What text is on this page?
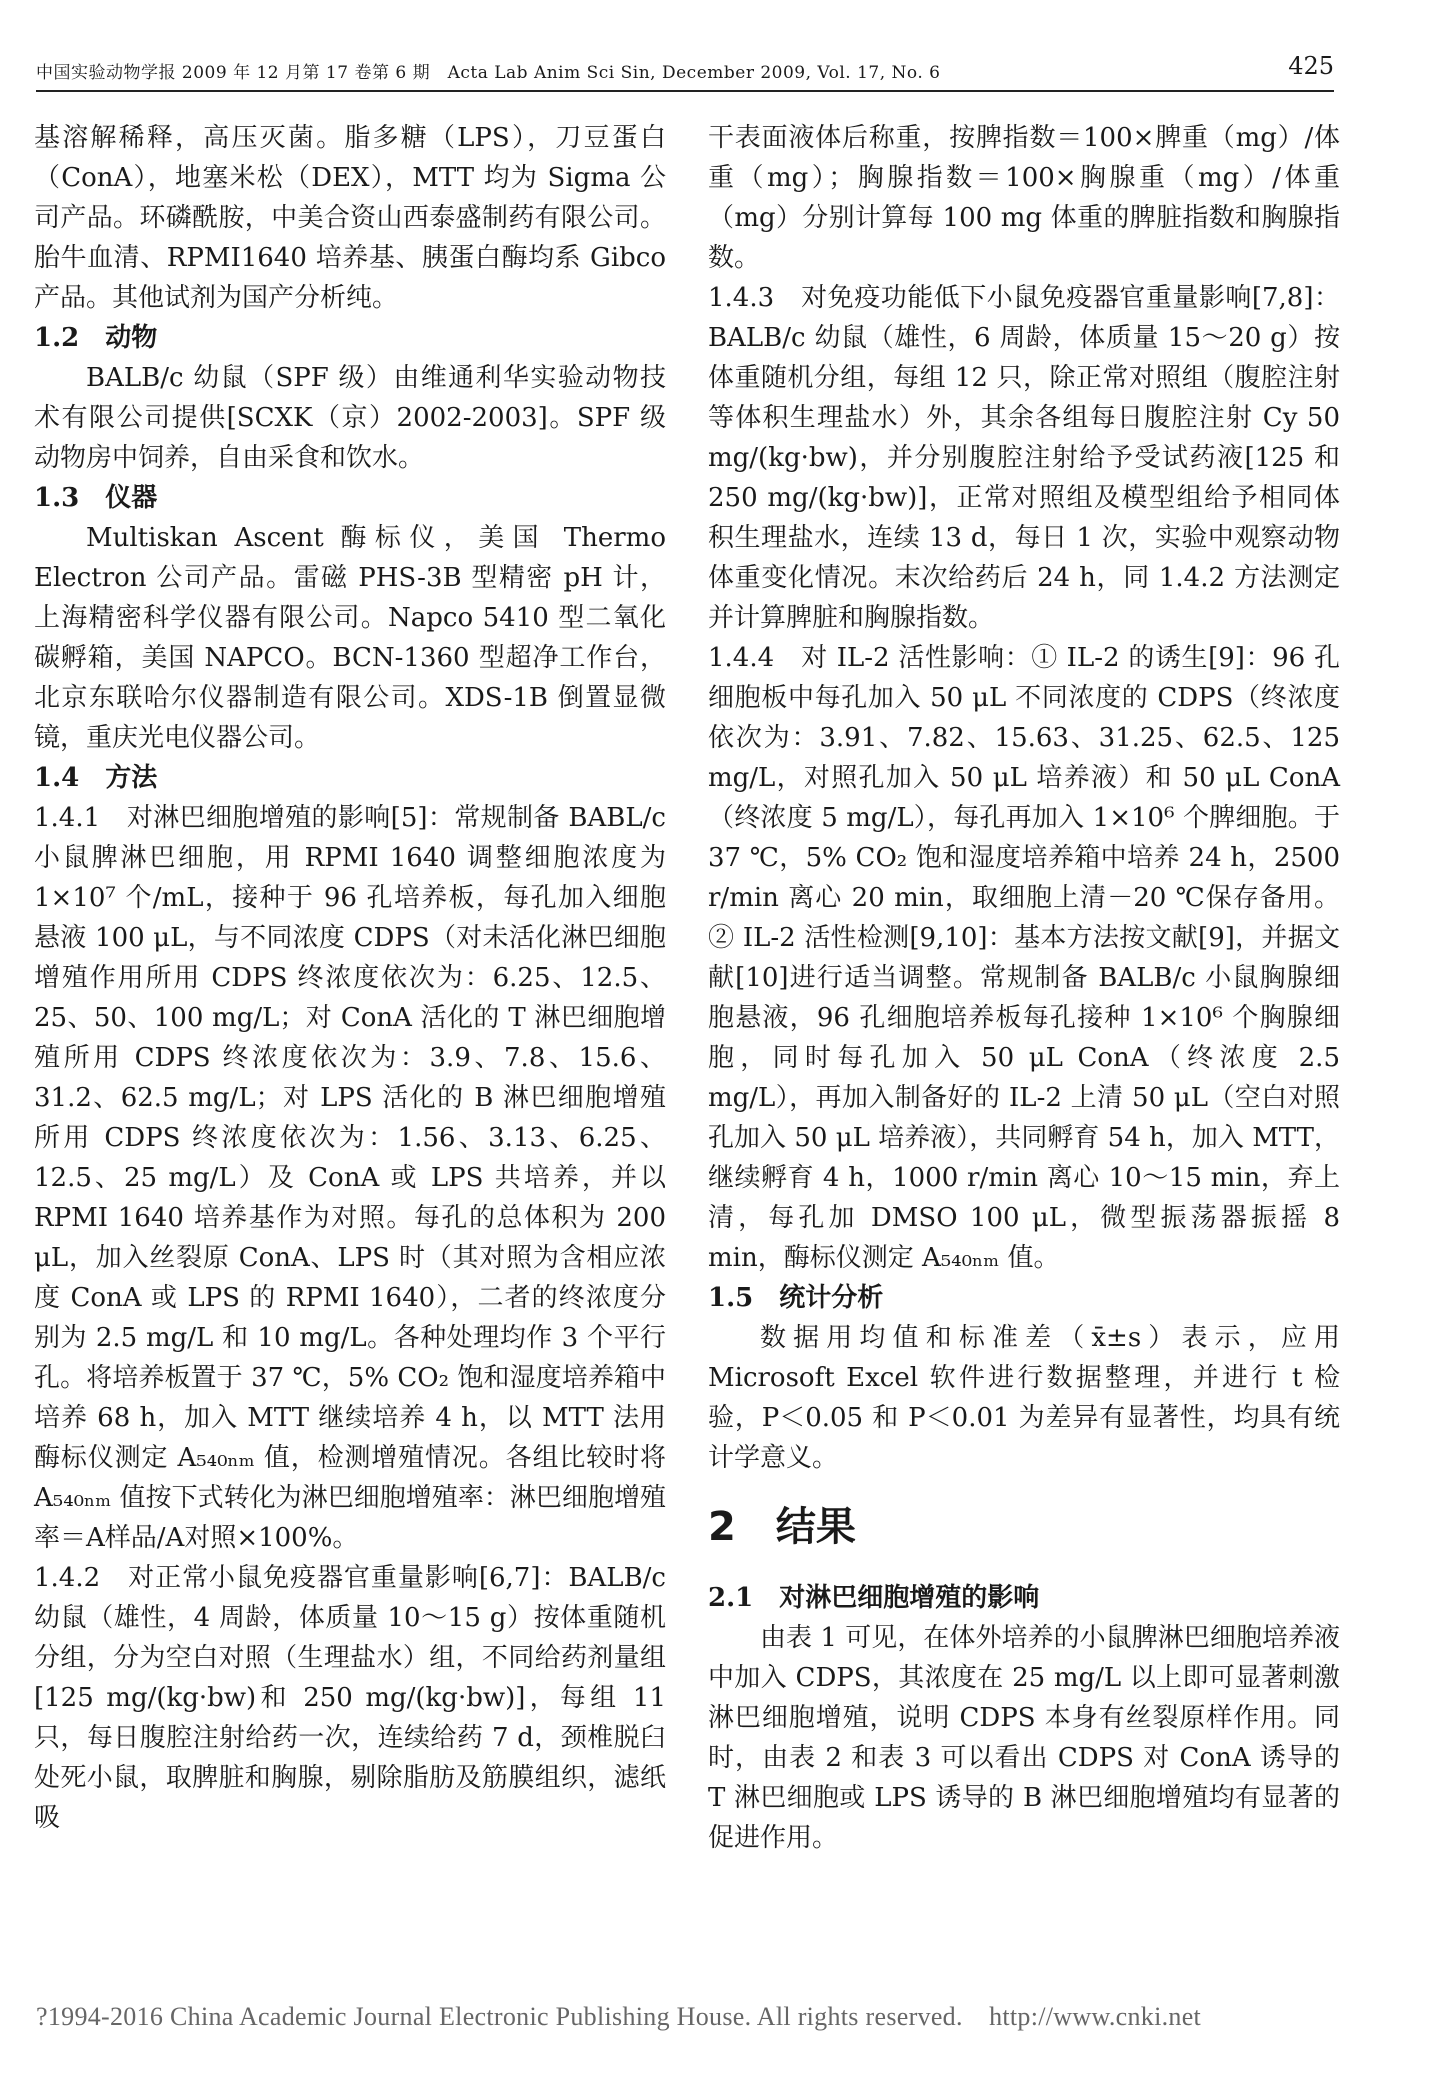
中国实验动物学报 2009 年 12 月第 17 卷第 6 期　Acta Lab Anim Sci Sin, December 2009, Vol. 17, No. 6	425

基溶解稀释，高压灭菌。脂多糖（LPS），刀豆蛋白（ConA），地塞米松（DEX），MTT 均为 Sigma 公司产品。环磷酰胺，中美合资山西泰盛制药有限公司。胎牛血清、RPMI1640 培养基、胰蛋白酶均系 Gibco 产品。其他试剂为国产分析纯。

1.2　动物

BALB/c 幼鼠（SPF 级）由维通利华实验动物技术有限公司提供[SCXK（京）2002-2003]。SPF 级动物房中饲养，自由采食和饮水。

1.3　仪器

Multiskan Ascent 酶标仪，美国 Thermo Electron 公司产品。雷磁 PHS-3B 型精密 pH 计，上海精密科学仪器有限公司。Napco 5410 型二氧化碳孵箱，美国 NAPCO。BCN-1360 型超净工作台，北京东联哈尔仪器制造有限公司。XDS-1B 倒置显微镜，重庆光电仪器公司。

1.4　方法

1.4.1　对淋巴细胞增殖的影响[5]：常规制备 BABL/c 小鼠脾淋巴细胞，用 RPMI 1640 调整细胞浓度为 1×10⁷ 个/mL，接种于 96 孔培养板，每孔加入细胞悬液 100 μL，与不同浓度 CDPS（对未活化淋巴细胞增殖作用所用 CDPS 终浓度依次为：6.25、12.5、25、50、100 mg/L；对 ConA 活化的 T 淋巴细胞增殖所用 CDPS 终浓度依次为：3.9、7.8、15.6、31.2、62.5 mg/L；对 LPS 活化的 B 淋巴细胞增殖所用 CDPS 终浓度依次为：1.56、3.13、6.25、12.5、25 mg/L）及 ConA 或 LPS 共培养，并以 RPMI 1640 培养基作为对照。每孔的总体积为 200 μL，加入丝裂原 ConA、LPS 时（其对照为含相应浓度 ConA 或 LPS 的 RPMI 1640），二者的终浓度分别为 2.5 mg/L 和 10 mg/L。各种处理均作 3 个平行孔。将培养板置于 37 ℃，5% CO₂ 饱和湿度培养箱中培养 68 h，加入 MTT 继续培养 4 h，以 MTT 法用酶标仪测定 A₅₄₀ₙₘ 值，检测增殖情况。各组比较时将 A₅₄₀ₙₘ 值按下式转化为淋巴细胞增殖率：淋巴细胞增殖率＝A样品/A对照×100%。

1.4.2　对正常小鼠免疫器官重量影响[6,7]：BALB/c 幼鼠（雄性，4 周龄，体质量 10～15 g）按体重随机分组，分为空白对照（生理盐水）组，不同给药剂量组[125 mg/(kg·bw)和 250 mg/(kg·bw)]，每组 11 只，每日腹腔注射给药一次，连续给药 7 d，颈椎脱臼处死小鼠，取脾脏和胸腺，剔除脂肪及筋膜组织，滤纸吸

干表面液体后称重，按脾指数＝100×脾重（mg）/体重（mg）；胸腺指数＝100×胸腺重（mg）/体重（mg）分别计算每 100 mg 体重的脾脏指数和胸腺指数。

1.4.3　对免疫功能低下小鼠免疫器官重量影响[7,8]：BALB/c 幼鼠（雄性，6 周龄，体质量 15～20 g）按体重随机分组，每组 12 只，除正常对照组（腹腔注射等体积生理盐水）外，其余各组每日腹腔注射 Cy 50 mg/(kg·bw)，并分别腹腔注射给予受试药液[125 和 250 mg/(kg·bw)]，正常对照组及模型组给予相同体积生理盐水，连续 13 d，每日 1 次，实验中观察动物体重变化情况。末次给药后 24 h，同 1.4.2 方法测定并计算脾脏和胸腺指数。

1.4.4　对 IL-2 活性影响：① IL-2 的诱生[9]：96 孔细胞板中每孔加入 50 μL 不同浓度的 CDPS（终浓度依次为：3.91、7.82、15.63、31.25、62.5、125 mg/L，对照孔加入 50 μL 培养液）和 50 μL ConA（终浓度 5 mg/L），每孔再加入 1×10⁶ 个脾细胞。于 37 ℃，5% CO₂ 饱和湿度培养箱中培养 24 h，2500 r/min 离心 20 min，取细胞上清－20 ℃保存备用。② IL-2 活性检测[9,10]：基本方法按文献[9]，并据文献[10]进行适当调整。常规制备 BALB/c 小鼠胸腺细胞悬液，96 孔细胞培养板每孔接种 1×10⁶ 个胸腺细胞，同时每孔加入 50 μL ConA（终浓度 2.5 mg/L），再加入制备好的 IL-2 上清 50 μL（空白对照孔加入 50 μL 培养液），共同孵育 54 h，加入 MTT，继续孵育 4 h，1000 r/min 离心 10～15 min，弃上清，每孔加 DMSO 100 μL，微型振荡器振摇 8 min，酶标仪测定 A₅₄₀ₙₘ 值。

1.5　统计分析

数据用均值和标准差（x̄±s）表示，应用 Microsoft Excel 软件进行数据整理，并进行 t 检验，P＜0.05 和 P＜0.01 为差异有显著性，均具有统计学意义。

2　结果

2.1　对淋巴细胞增殖的影响

由表 1 可见，在体外培养的小鼠脾淋巴细胞培养液中加入 CDPS，其浓度在 25 mg/L 以上即可显著刺激淋巴细胞增殖，说明 CDPS 本身有丝裂原样作用。同时，由表 2 和表 3 可以看出 CDPS 对 ConA 诱导的 T 淋巴细胞或 LPS 诱导的 B 淋巴细胞增殖均有显著的促进作用。

?1994-2016 China Academic Journal Electronic Publishing House. All rights reserved.　http://www.cnki.net
